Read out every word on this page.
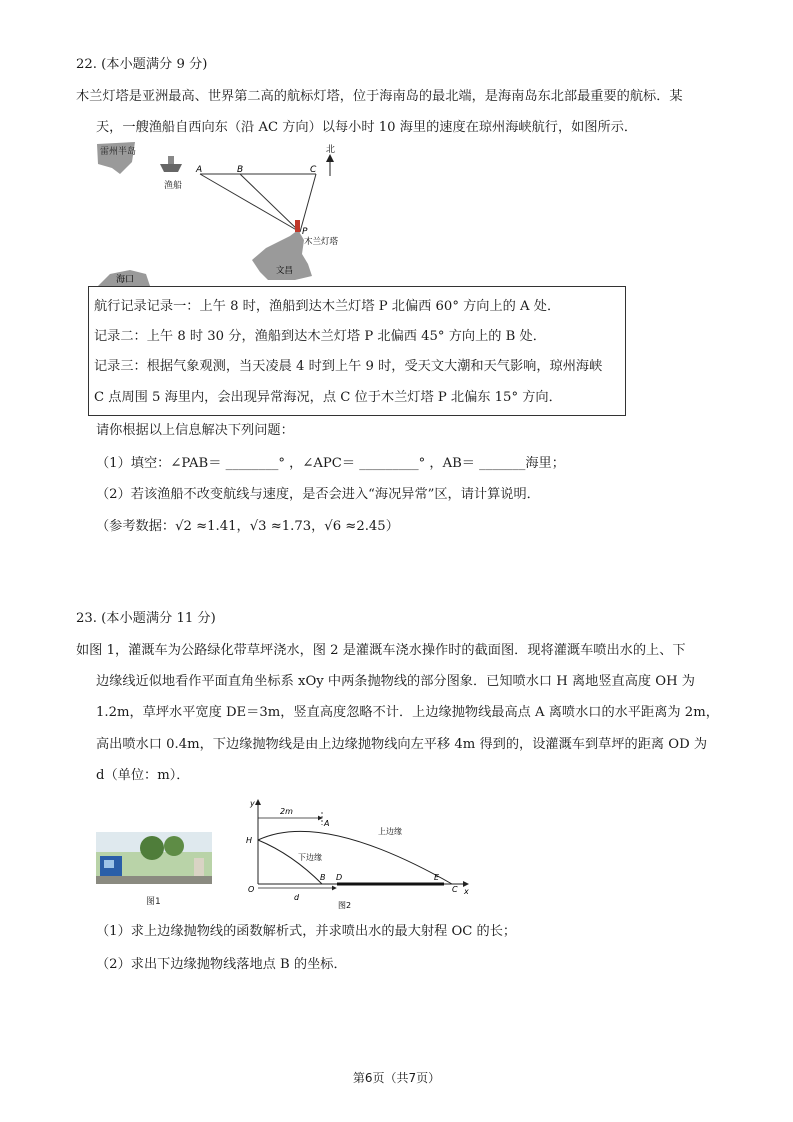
22. (本小题满分 9 分)
木兰灯塔是亚洲最高、世界第二高的航标灯塔，位于海南岛的最北端，是海南岛东北部最重要的航标．某
天，一艘渔船自西向东（沿 AC 方向）以每小时 10 海里的速度在琼州海峡航行，如图所示．
雷州半岛
渔船
A	B	C
北
P
木兰灯塔
文昌
海口
航行记录记录一：上午 8 时，渔船到达木兰灯塔 P 北偏西 60° 方向上的 A 处．
记录二：上午 8 时 30 分，渔船到达木兰灯塔 P 北偏西 45° 方向上的 B 处．
记录三：根据气象观测，当天凌晨 4 时到上午 9 时，受天文大潮和天气影响，琼州海峡
C 点周围 5 海里内，会出现异常海况，点 C 位于木兰灯塔 P 北偏东 15° 方向．
请你根据以上信息解决下列问题：
（1）填空：∠PAB＝ ________° ，∠APC＝ _________° ，AB＝ _______海里；
（2）若该渔船不改变航线与速度，是否会进入“海况异常”区，请计算说明．
（参考数据：√2 ≈1.41，√3 ≈1.73，√6 ≈2.45）
23. (本小题满分 11 分)
如图 1，灌溉车为公路绿化带草坪浇水，图 2 是灌溉车浇水操作时的截面图．现将灌溉车喷出水的上、下
边缘线近似地看作平面直角坐标系 xOy 中两条抛物线的部分图象．已知喷水口 H 离地竖直高度 OH 为
1.2m，草坪水平宽度 DE＝3m，竖直高度忽略不计．上边缘抛物线最高点 A 离喷水口的水平距离为 2m，
高出喷水口 0.4m，下边缘抛物线是由上边缘抛物线向左平移 4m 得到的，设灌溉车到草坪的距离 OD 为
d（单位：m）．
图1
2m
d
y
x
O
H
A
B D	E
C
上边缘
下边缘
图2
（1）求上边缘抛物线的函数解析式，并求喷出水的最大射程 OC 的长；
（2）求出下边缘抛物线落地点 B 的坐标．
第6页（共7页）
